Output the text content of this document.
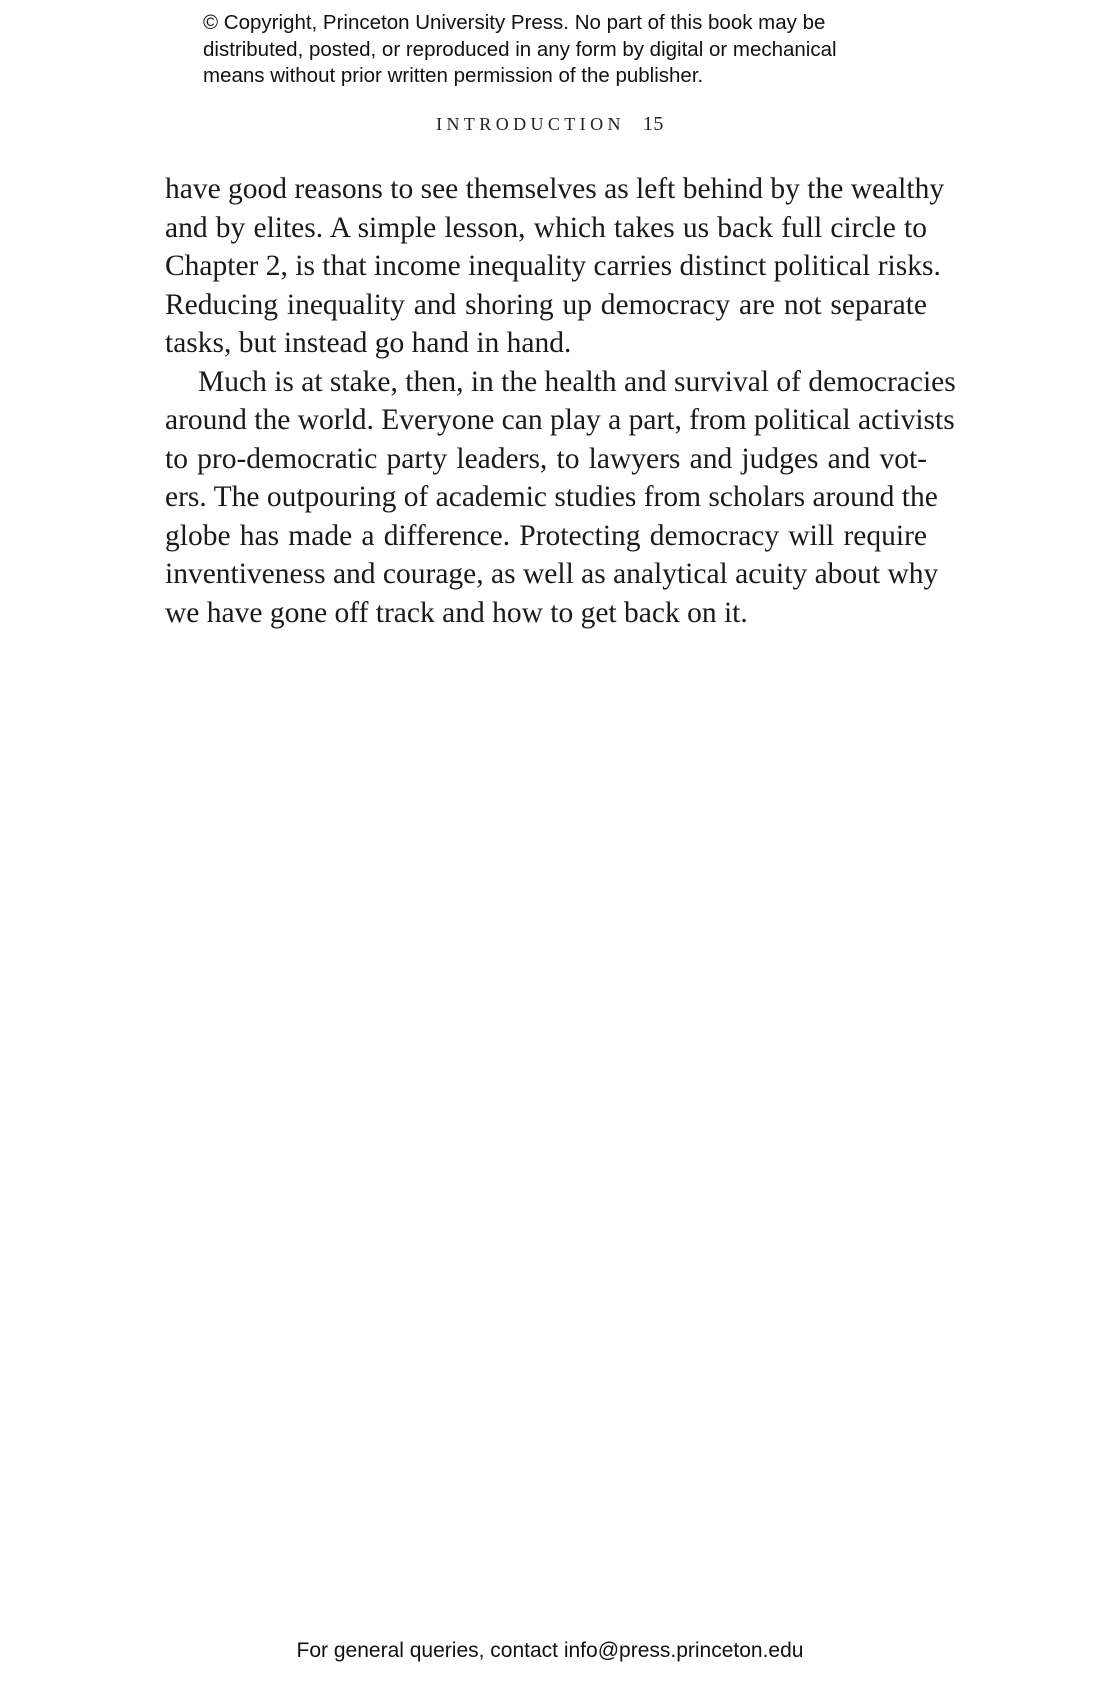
© Copyright, Princeton University Press. No part of this book may be
distributed, posted, or reproduced in any form by digital or mechanical
means without prior written permission of the publisher.
INTRODUCTION 15
have good reasons to see themselves as left behind by the wealthy
and by elites. A simple lesson, which takes us back full circle to
Chapter 2, is that income inequality carries distinct political risks.
Reducing inequality and shoring up democracy are not separate
tasks, but instead go hand in hand.
Much is at stake, then, in the health and survival of democracies
around the world. Everyone can play a part, from political activists
to pro-democratic party leaders, to lawyers and judges and vot-
ers. The outpouring of academic studies from scholars around the
globe has made a difference. Protecting democracy will require
inventiveness and courage, as well as analytical acuity about why
we have gone off track and how to get back on it.
For general queries, contact info@press.princeton.edu
